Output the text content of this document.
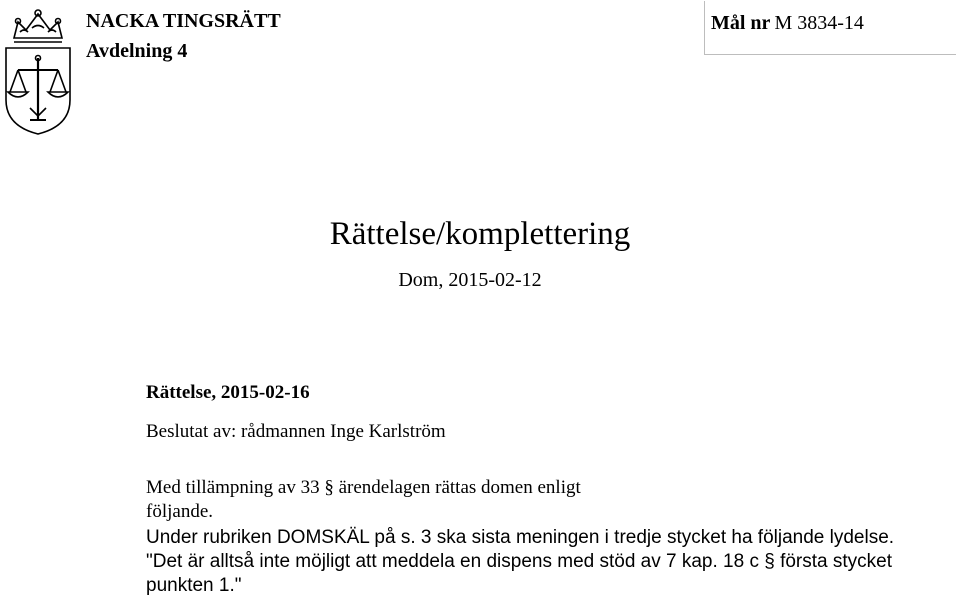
NACKA TINGSRÄTT
Avdelning 4
Mål nr M 3834-14
Rättelse/komplettering
Dom, 2015-02-12
Rättelse, 2015-02-16
Beslutat av: rådmannen Inge Karlström
Med tillämpning av 33 § ärendelagen rättas domen enligt
följande.
Under rubriken DOMSKÄL på s. 3 ska sista meningen i tredje stycket ha följande lydelse.
"Det är alltså inte möjligt att meddela en dispens med stöd av 7 kap. 18 c § första stycket
punkten 1."
